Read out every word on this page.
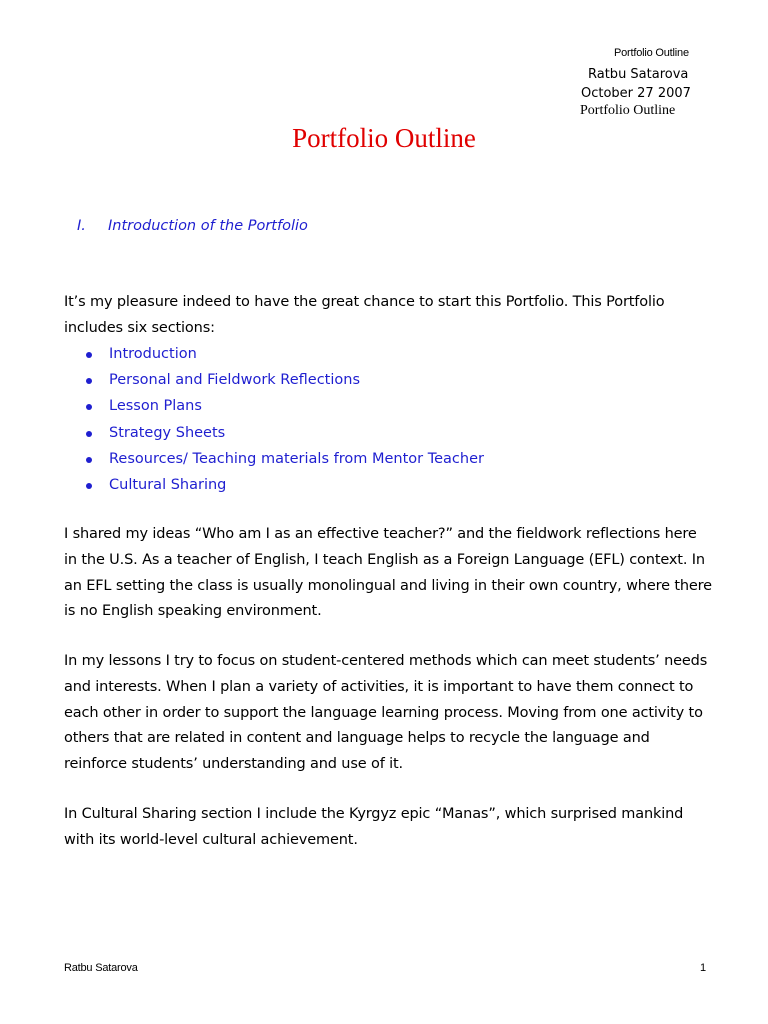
Portfolio Outline
Ratbu Satarova
October 27 2007
Portfolio Outline
Portfolio Outline
I. Introduction of the Portfolio

It’s my pleasure indeed to have the great chance to start this Portfolio. This Portfolio includes six sections:

Introduction
Personal and Fieldwork Reflections
Lesson Plans
Strategy Sheets
Resources/ Teaching materials from Mentor Teacher
Cultural Sharing

I shared my ideas “Who am I as an effective teacher?” and the fieldwork reflections here in the U.S. As a teacher of English, I teach English as a Foreign Language (EFL) context. In an EFL setting the class is usually monolingual and living in their own country, where there is no English speaking environment.

In my lessons I try to focus on student-centered methods which can meet students’ needs and interests. When I plan a variety of activities, it is important to have them connect to each other in order to support the language learning process. Moving from one activity to others that are related in content and language helps to recycle the language and reinforce students’ understanding and use of it.

In Cultural Sharing section I include the Kyrgyz epic “Manas”, which surprised mankind with its world-level cultural achievement.

Ratbu Satarova	1
